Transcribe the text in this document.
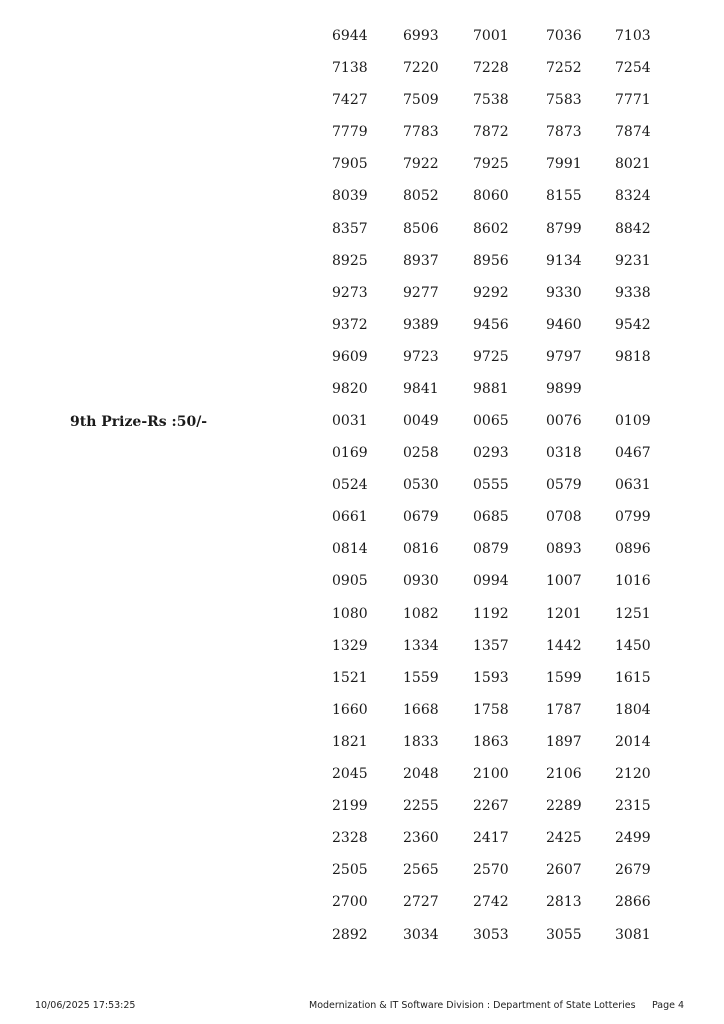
6944	6993 7001	7036 7103
7138	7220 7228	7252 7254
7427	7509 7538	7583 7771
7779	7783 7872	7873 7874
7905	7922 7925	7991 8021
8039	8052 8060	8155 8324
8357	8506 8602	8799 8842
8925	8937 8956	9134 9231
9273	9277 9292	9330 9338
9372	9389 9456	9460 9542
9609	9723 9725	9797 9818
9820	9841 9881	9899
9th Prize-Rs :50/-	0031	0049 0065	0076 0109
0169	0258 0293	0318 0467
0524	0530 0555	0579 0631
0661	0679 0685	0708 0799
0814	0816 0879	0893 0896
0905	0930 0994	1007 1016
1080	1082 1192	1201 1251
1329	1334 1357	1442 1450
1521	1559 1593	1599 1615
1660	1668 1758	1787 1804
1821	1833 1863	1897 2014
2045	2048 2100	2106 2120
2199	2255 2267	2289 2315
2328	2360 2417	2425 2499
2505	2565 2570	2607 2679
2700	2727 2742	2813 2866
2892	3034 3053	3055 3081
10/06/2025 17:53:25	Modernization & IT Software Division : Department of State Lotteries Page 4
